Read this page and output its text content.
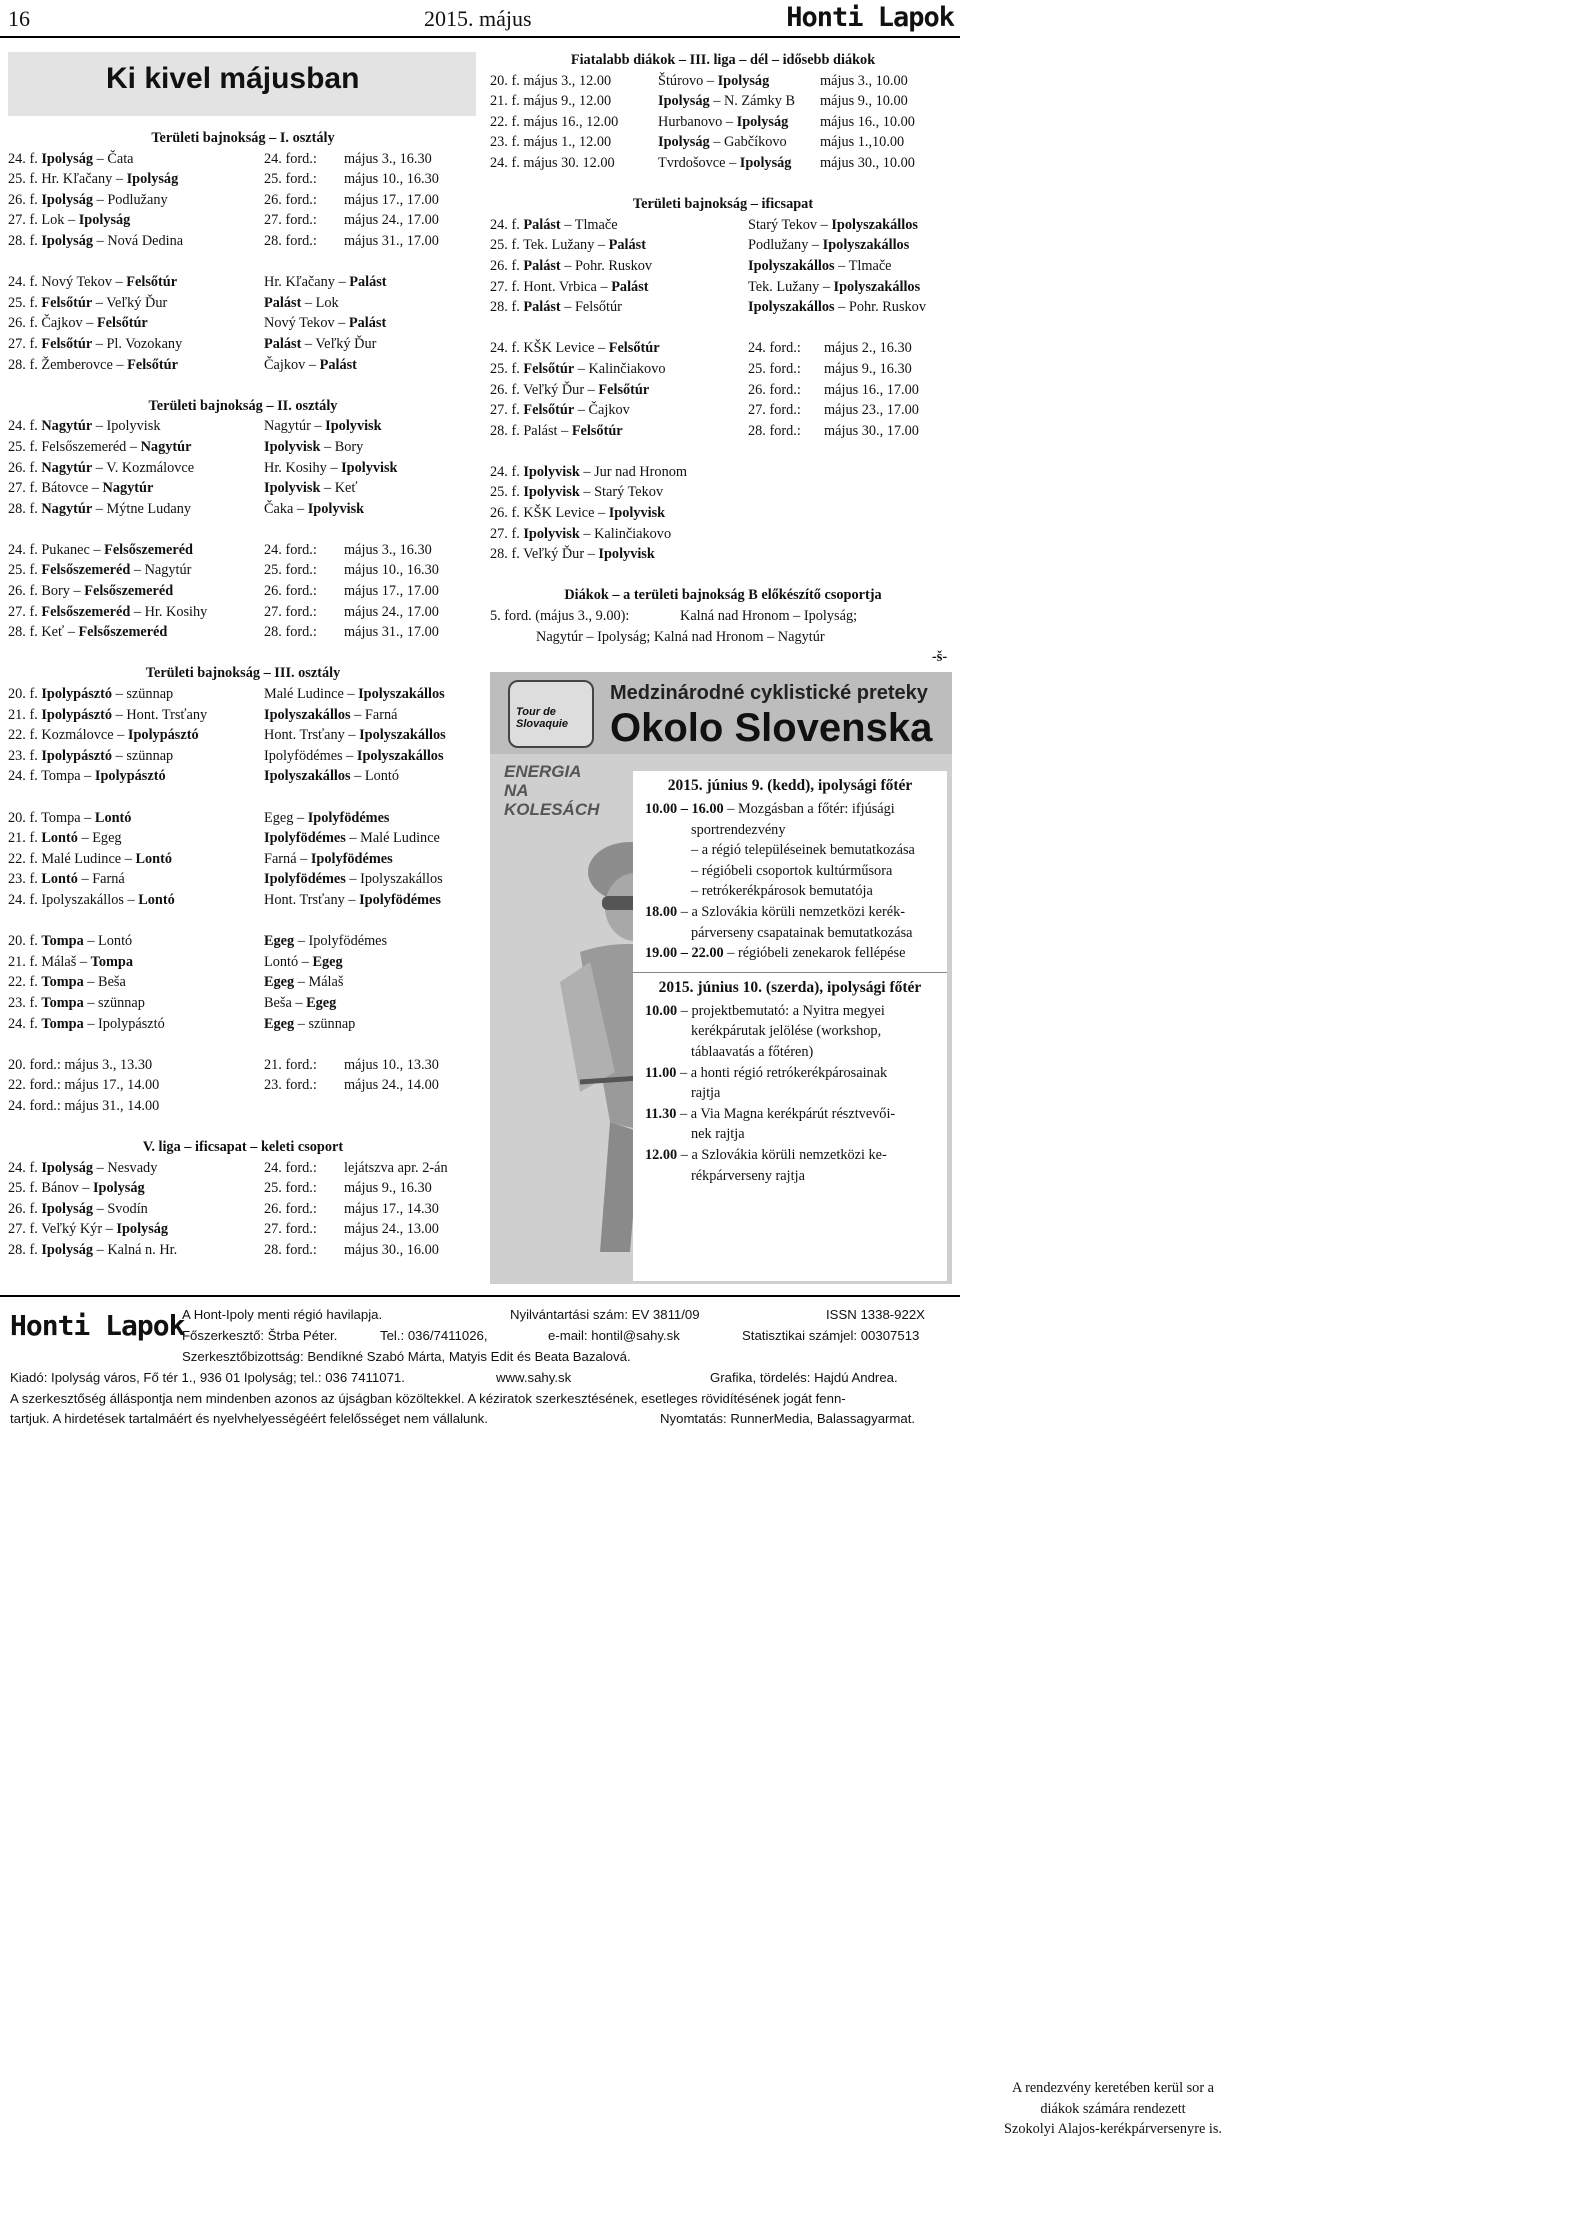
16	2015. május	Honti Lapok
Ki kivel májusban
Területi bajnokság – I. osztály
24. f. Ipolyság – Čata	24. ford.: május 3., 16.30
25. f. Hr. Kľačany – Ipolyság	25. ford.: május 10., 16.30
26. f. Ipolyság – Podlužany	26. ford.: május 17., 17.00
27. f. Lok – Ipolyság	27. ford.: május 24., 17.00
28. f. Ipolyság – Nová Dedina	28. ford.: május 31., 17.00
24. f. Nový Tekov – Felsőtúr	Hr. Kľačany – Palást
25. f. Felsőtúr – Veľký Ďur	Palást – Lok
26. f. Čajkov – Felsőtúr	Nový Tekov – Palást
27. f. Felsőtúr – Pl. Vozokany	Palást – Veľký Ďur
28. f. Žemberovce – Felsőtúr	Čajkov – Palást
Területi bajnokság – II. osztály
24. f. Nagytúr – Ipolyvisk	Nagytúr – Ipolyvisk
25. f. Felsőszemeréd – Nagytúr	Ipolyvisk – Bory
26. f. Nagytúr – V. Kozmálovce	Hr. Kosihy – Ipolyvisk
27. f. Bátovce – Nagytúr	Ipolyvisk – Keť
28. f. Nagytúr – Mýtne Ludany	Čaka – Ipolyvisk
24. f. Pukanec – Felsőszemeréd	24. ford.: május 3., 16.30
25. f. Felsőszemeréd – Nagytúr	25. ford.: május 10., 16.30
26. f. Bory – Felsőszemeréd	26. ford.: május 17., 17.00
27. f. Felsőszemeréd – Hr. Kosihy	27. ford.: május 24., 17.00
28. f. Keť – Felsőszemeréd	28. ford.: május 31., 17.00
Területi bajnokság – III. osztály
20. f. Ipolypásztó – szünnap	Malé Ludince – Ipolyszakállos
21. f. Ipolypásztó – Hont. Trsťany	Ipolyszakállos – Farná
22. f. Kozmálovce – Ipolypásztó	Hont. Trsťany – Ipolyszakállos
23. f. Ipolypásztó – szünnap	Ipolyfödémes – Ipolyszakállos
24. f. Tompa – Ipolypásztó	Ipolyszakállos – Lontó
20. f. Tompa – Lontó	Egeg – Ipolyfödémes
21. f. Lontó – Egeg	Ipolyfödémes – Malé Ludince
22. f. Malé Ludince – Lontó	Farná – Ipolyfödémes
23. f. Lontó – Farná	Ipolyfödémes – Ipolyszakállos
24. f. Ipolyszakállos – Lontó	Hont. Trsťany – Ipolyfödémes
20. f. Tompa – Lontó	Egeg – Ipolyfödémes
21. f. Málaš – Tompa	Lontó – Egeg
22. f. Tompa – Beša	Egeg – Málaš
23. f. Tompa – szünnap	Beša – Egeg
24. f. Tompa – Ipolypásztó	Egeg – szünnap
20. ford.: május 3., 13.30	21. ford.: május 10., 13.30
22. ford.: május 17., 14.00	23. ford.: május 24., 14.00
24. ford.: május 31., 14.00
V. liga – ificsapat – keleti csoport
24. f. Ipolyság – Nesvady	24. ford.: lejátszva apr. 2-án
25. f. Bánov – Ipolyság	25. ford.: május 9., 16.30
26. f. Ipolyság – Svodín	26. ford.: május 17., 14.30
27. f. Veľký Kýr – Ipolyság	27. ford.: május 24., 13.00
28. f. Ipolyság – Kalná n. Hr.	28. ford.: május 30., 16.00
Fiatalabb diákok – III. liga – dél – idősebb diákok
20. f. május 3., 12.00	Štúrovo – Ipolyság	május 3., 10.00
21. f. május 9., 12.00	Ipolyság – N. Zámky B május 9., 10.00
22. f. május 16., 12.00	Hurbanovo – Ipolyság május 16., 10.00
23. f. május 1., 12.00	Ipolyság – Gabčíkovo május 1.,10.00
24. f. május 30. 12.00	Tvrdošovce – Ipolyság május 30., 10.00
Területi bajnokság – ificsapat
24. f. Palást – Tlmače	Starý Tekov – Ipolyszakállos
25. f. Tek. Lužany – Palást	Podlužany – Ipolyszakállos
26. f. Palást – Pohr. Ruskov	Ipolyszakállos – Tlmače
27. f. Hont. Vrbica – Palást	Tek. Lužany – Ipolyszakállos
28. f. Palást – Felsőtúr	Ipolyszakállos – Pohr. Ruskov
24. f. KŠK Levice – Felsőtúr	24. ford.: május 2., 16.30
25. f. Felsőtúr – Kalinčiakovo	25. ford.: május 9., 16.30
26. f. Veľký Ďur – Felsőtúr	26. ford.: május 16., 17.00
27. f. Felsőtúr – Čajkov	27. ford.: május 23., 17.00
28. f. Palást – Felsőtúr	28. ford.: május 30., 17.00
24. f. Ipolyvisk – Jur nad Hronom
25. f. Ipolyvisk – Starý Tekov
26. f. KŠK Levice – Ipolyvisk
27. f. Ipolyvisk – Kalinčiakovo
28. f. Veľký Ďur – Ipolyvisk
Diákok – a területi bajnokság B előkészítő csoportja
5. ford. (május 3., 9.00):	Kalná nad Hronom – Ipolyság;
Nagytúr – Ipolyság; Kalná nad Hronom – Nagytúr
-š-
Tour de Slovaquie
Medzinárodné cyklistické preteky
Okolo Slovenska
ENERGIA
NA
KOLESÁCH
2015. június 9. (kedd), ipolysági főtér
10.00 – 16.00 – Mozgásban a főtér: ifjúsági
sportrendezvény
– a régió településeinek bemutatkozása
– régióbeli csoportok kultúrműsora
– retrókerékpárosok bemutatója
18.00 – a Szlovákia körüli nemzetközi kerék-
párverseny csapatainak bemutatkozása
19.00 – 22.00 – régióbeli zenekarok fellépése
2015. június 10. (szerda), ipolysági főtér
10.00 – projektbemutató: a Nyitra megyei
kerékpárutak jelölése (workshop,
táblaavatás a főtéren)
11.00 – a honti régió retrókerékpárosainak
rajtja
11.30 – a Via Magna kerékpárút résztvevői-
nek rajtja
12.00 – a Szlovákia körüli nemzetközi ke-
rékpárverseny rajtja
A rendezvény keretében kerül sor a
diákok számára rendezett
Szokolyi Alajos-kerékpárversenyre is.
Honti Lapok
A Hont-Ipoly menti régió havilapja.	Nyilvántartási szám: EV 3811/09	ISSN 1338-922X
Főszerkesztő: Štrba Péter.	Tel.: 036/7411026,	e-mail: hontil@sahy.sk	Statisztikai számjel: 00307513
Szerkesztőbizottság: Bendíkné Szabó Márta, Matyis Edit és Beata Bazalová.
Kiadó: Ipolyság város, Fő tér 1., 936 01 Ipolyság; tel.: 036 7411071.	www.sahy.sk	Grafika, tördelés: Hajdú Andrea.
A szerkesztőség álláspontja nem mindenben azonos az újságban közöltekkel. A kéziratok szerkesztésének, esetleges rövidítésének jogát fenn-
tartjuk. A hirdetések tartalmáért és nyelvhelyességéért felelősséget nem vállalunk.	Nyomtatás: RunnerMedia, Balassagyarmat.
